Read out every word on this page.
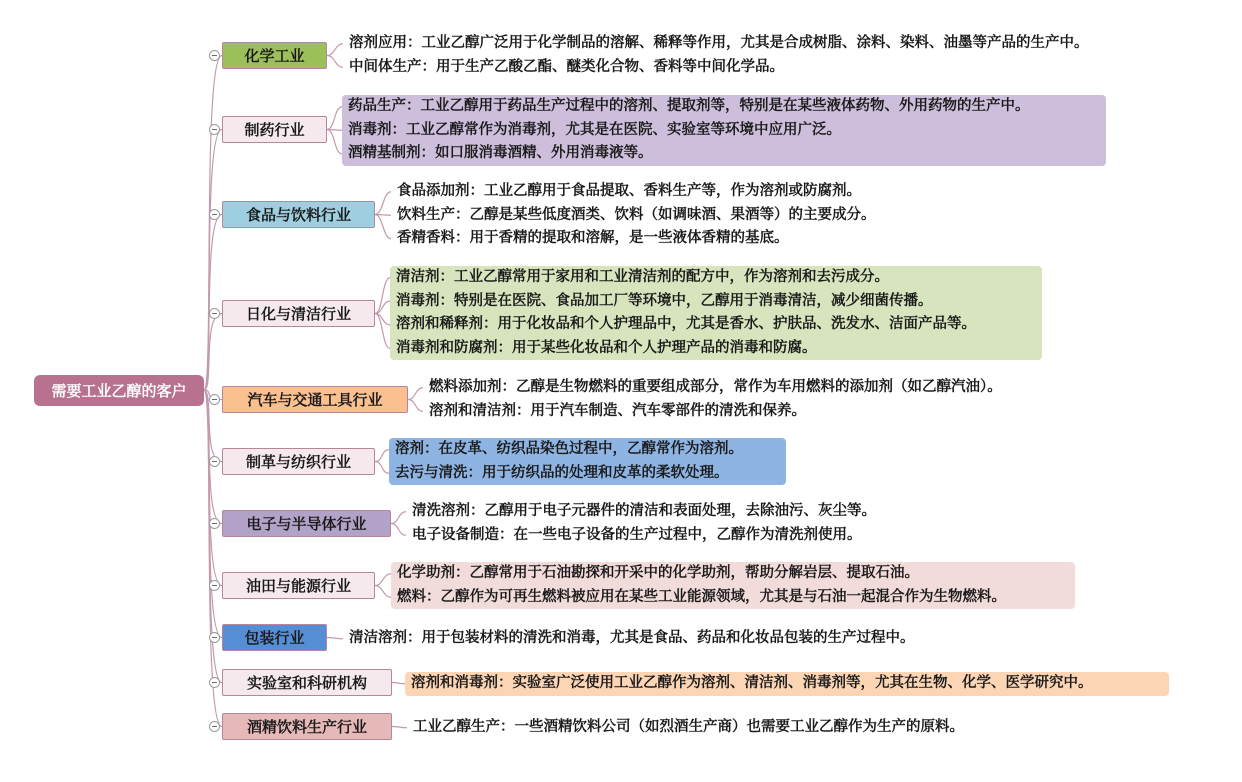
需要工业乙醇的客户
化学工业
溶剂应用：工业乙醇广泛用于化学制品的溶解、稀释等作用，尤其是合成树脂、涂料、染料、油墨等产品的生产中。
中间体生产：用于生产乙酸乙酯、醚类化合物、香料等中间化学品。
制药行业
药品生产：工业乙醇用于药品生产过程中的溶剂、提取剂等，特别是在某些液体药物、外用药物的生产中。
消毒剂：工业乙醇常作为消毒剂，尤其是在医院、实验室等环境中应用广泛。
酒精基制剂：如口服消毒酒精、外用消毒液等。
食品与饮料行业
食品添加剂：工业乙醇用于食品提取、香料生产等，作为溶剂或防腐剂。
饮料生产：乙醇是某些低度酒类、饮料（如调味酒、果酒等）的主要成分。
香精香料：用于香精的提取和溶解，是一些液体香精的基底。
日化与清洁行业
清洁剂：工业乙醇常用于家用和工业清洁剂的配方中，作为溶剂和去污成分。
消毒剂：特别是在医院、食品加工厂等环境中，乙醇用于消毒清洁，减少细菌传播。
溶剂和稀释剂：用于化妆品和个人护理品中，尤其是香水、护肤品、洗发水、洁面产品等。
消毒剂和防腐剂：用于某些化妆品和个人护理产品的消毒和防腐。
汽车与交通工具行业
燃料添加剂：乙醇是生物燃料的重要组成部分，常作为车用燃料的添加剂（如乙醇汽油）。
溶剂和清洁剂：用于汽车制造、汽车零部件的清洗和保养。
制革与纺织行业
溶剂：在皮革、纺织品染色过程中，乙醇常作为溶剂。
去污与清洗：用于纺织品的处理和皮革的柔软处理。
电子与半导体行业
清洗溶剂：乙醇用于电子元器件的清洁和表面处理，去除油污、灰尘等。
电子设备制造：在一些电子设备的生产过程中，乙醇作为清洗剂使用。
油田与能源行业
化学助剂：乙醇常用于石油勘探和开采中的化学助剂，帮助分解岩层、提取石油。
燃料：乙醇作为可再生燃料被应用在某些工业能源领域，尤其是与石油一起混合作为生物燃料。
包装行业	清洁溶剂：用于包装材料的清洗和消毒，尤其是食品、药品和化妆品包装的生产过程中。
实验室和科研机构	溶剂和消毒剂：实验室广泛使用工业乙醇作为溶剂、清洁剂、消毒剂等，尤其在生物、化学、医学研究中。
酒精饮料生产行业	工业乙醇生产：一些酒精饮料公司（如烈酒生产商）也需要工业乙醇作为生产的原料。
